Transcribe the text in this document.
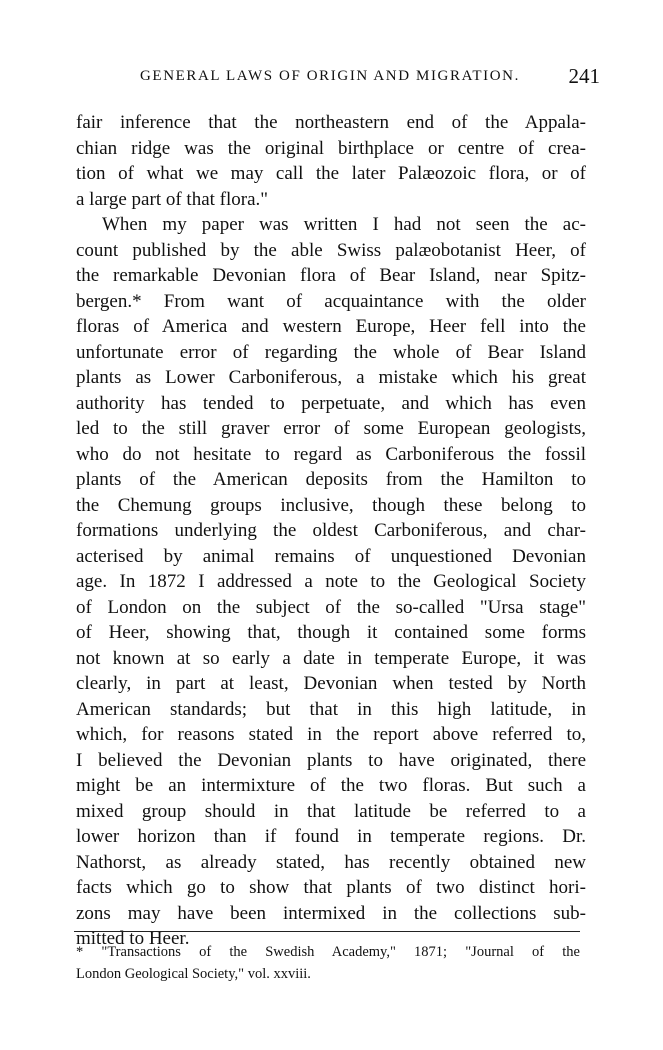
GENERAL LAWS OF ORIGIN AND MIGRATION. 241
fair inference that the northeastern end of the Appala-
chian ridge was the original birthplace or centre of crea-
tion of what we may call the later Palæozoic flora, or of
a large part of that flora."
When my paper was written I had not seen the ac-
count published by the able Swiss palæobotanist Heer, of
the remarkable Devonian flora of Bear Island, near Spitz-
bergen.* From want of acquaintance with the older
floras of America and western Europe, Heer fell into the
unfortunate error of regarding the whole of Bear Island
plants as Lower Carboniferous, a mistake which his great
authority has tended to perpetuate, and which has even
led to the still graver error of some European geologists,
who do not hesitate to regard as Carboniferous the fossil
plants of the American deposits from the Hamilton to
the Chemung groups inclusive, though these belong to
formations underlying the oldest Carboniferous, and char-
acterised by animal remains of unquestioned Devonian
age. In 1872 I addressed a note to the Geological Society
of London on the subject of the so-called "Ursa stage"
of Heer, showing that, though it contained some forms
not known at so early a date in temperate Europe, it was
clearly, in part at least, Devonian when tested by North
American standards; but that in this high latitude, in
which, for reasons stated in the report above referred to,
I believed the Devonian plants to have originated, there
might be an intermixture of the two floras. But such a
mixed group should in that latitude be referred to a
lower horizon than if found in temperate regions. Dr.
Nathorst, as already stated, has recently obtained new
facts which go to show that plants of two distinct hori-
zons may have been intermixed in the collections sub-
mitted to Heer.
* "Transactions of the Swedish Academy," 1871; "Journal of the
London Geological Society," vol. xxviii.
